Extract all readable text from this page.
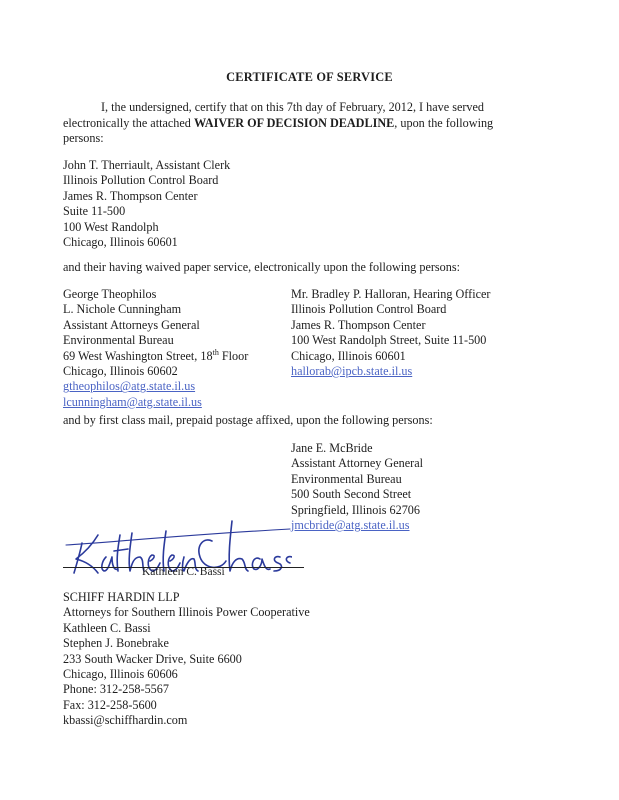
CERTIFICATE OF SERVICE
I, the undersigned, certify that on this 7th day of February, 2012, I have served electronically the attached WAIVER OF DECISION DEADLINE, upon the following persons:
John T. Therriault, Assistant Clerk
Illinois Pollution Control Board
James R. Thompson Center
Suite 11-500
100 West Randolph
Chicago, Illinois 60601
and their having waived paper service, electronically upon the following persons:
George Theophilos
L. Nichole Cunningham
Assistant Attorneys General
Environmental Bureau
69 West Washington Street, 18th Floor
Chicago, Illinois 60602
gtheophilos@atg.state.il.us
lcunningham@atg.state.il.us
Mr. Bradley P. Halloran, Hearing Officer
Illinois Pollution Control Board
James R. Thompson Center
100 West Randolph Street, Suite 11-500
Chicago, Illinois 60601
hallorab@ipcb.state.il.us
and by first class mail, prepaid postage affixed, upon the following persons:
Jane E. McBride
Assistant Attorney General
Environmental Bureau
500 South Second Street
Springfield, Illinois 62706
jmcbride@atg.state.il.us
Kathleen C. Bassi
SCHIFF HARDIN LLP
Attorneys for Southern Illinois Power Cooperative
Kathleen C. Bassi
Stephen J. Bonebrake
233 South Wacker Drive, Suite 6600
Chicago, Illinois 60606
Phone: 312-258-5567
Fax: 312-258-5600
kbassi@schiffhardin.com
